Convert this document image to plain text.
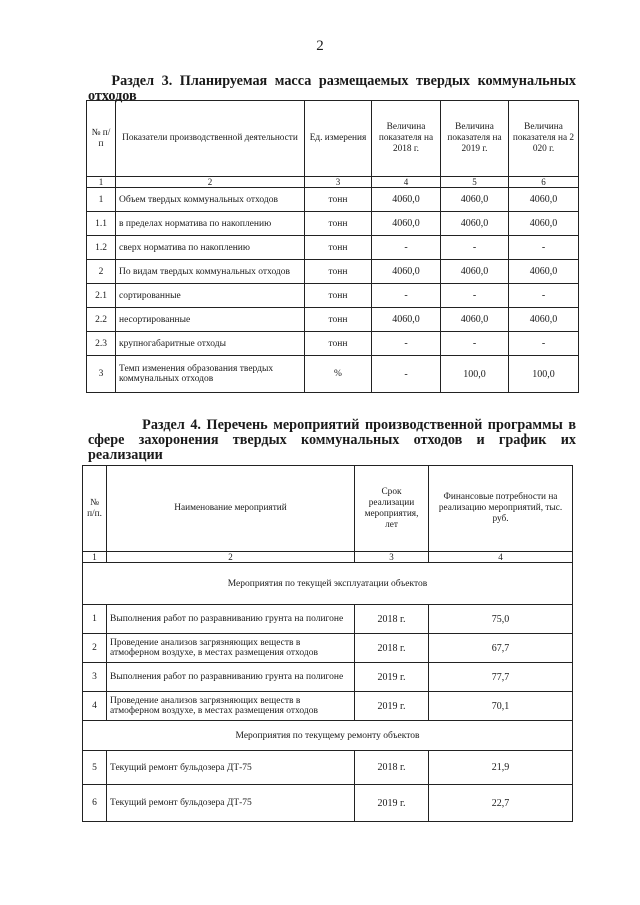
2
Раздел 3. Планируемая масса размещаемых твердых коммунальных
отходов
№ п/п	Показатели производственной деятельности	Ед. измерения	Величина показателя на 2018 г.	Величина показателя на 2019 г.	Величина показателя на 2 020 г.
1	2	3	4	5	6
1	Объем твердых коммунальных отходов	тонн	4060,0	4060,0	4060,0
1.1	в пределах норматива по накоплению	тонн	4060,0	4060,0	4060,0
1.2	сверх норматива по накоплению	тонн	-	-	-
2	По видам твердых коммунальных отходов	тонн	4060,0	4060,0	4060,0
2.1	сортированные	тонн	-	-	-
2.2	несортированные	тонн	4060,0	4060,0	4060,0
2.3	крупногабаритные отходы	тонн	-	-	-
3	Темп изменения образования твердых коммунальных отходов	%	-	100,0	100,0
Раздел 4. Перечень мероприятий производственной программы в
сфере захоронения твердых коммунальных отходов и график их
реализации
№ п/п.	Наименование мероприятий	Срок реализации мероприятия, лет	Финансовые потребности на реализацию мероприятий, тыс. руб.
1	2	3	4
Мероприятия по текущей эксплуатации объектов			
1	Выполнения работ по разравниванию грунта на полигоне	2018 г.	75,0
2	Проведение анализов загрязняющих веществ в атмоферном воздухе, в местах размещения отходов	2018 г.	67,7
3	Выполнения работ по разравниванию грунта на полигоне	2019 г.	77,7
4	Проведение анализов загрязняющих веществ в атмоферном воздухе, в местах размещения отходов	2019 г.	70,1
Мероприятия по текущему ремонту объектов			
5	Текущий ремонт бульдозера ДТ-75	2018 г.	21,9
6	Текущий ремонт бульдозера ДТ-75	2019 г.	22,7
